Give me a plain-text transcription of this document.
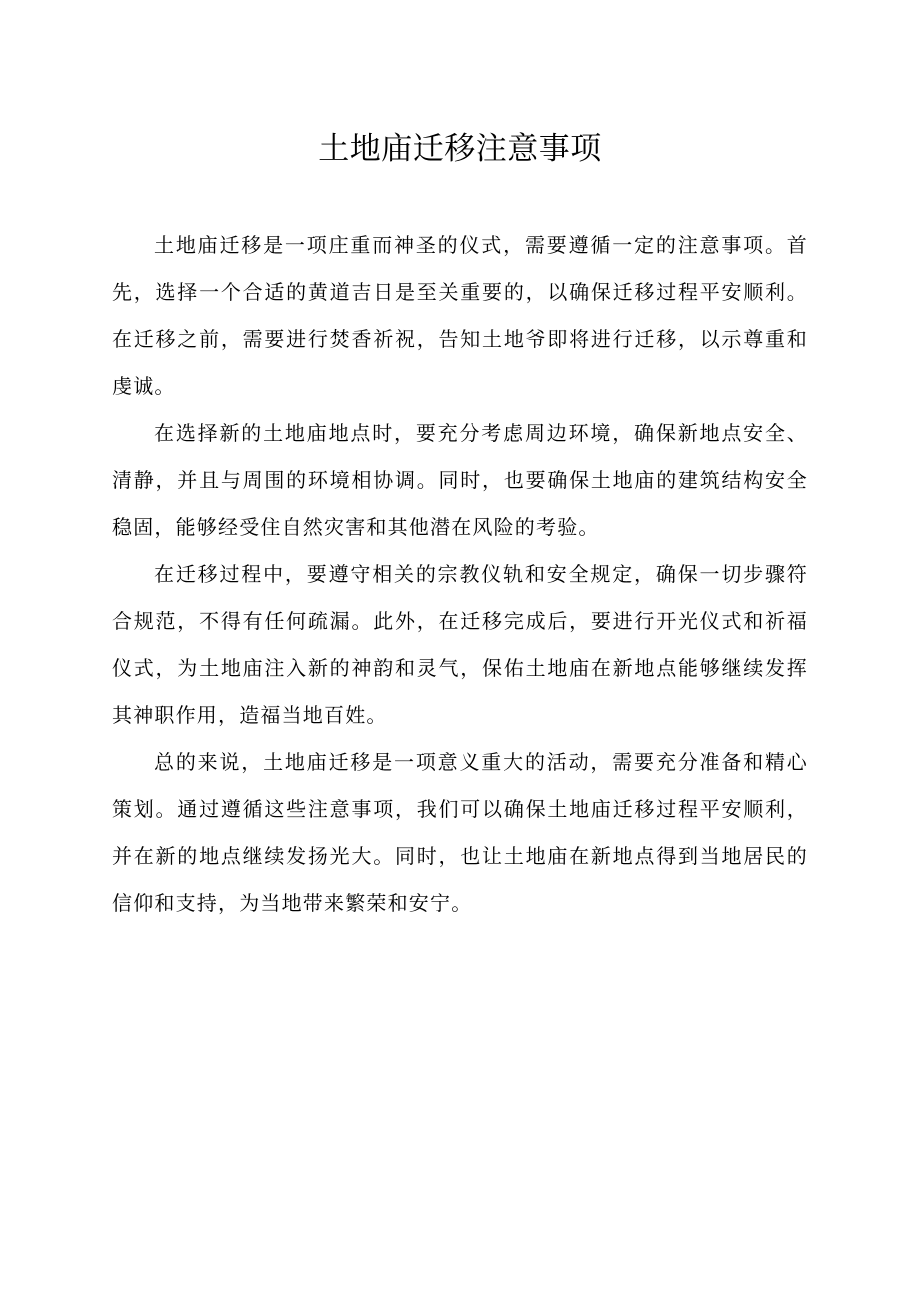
土地庙迁移注意事项

土地庙迁移是一项庄重而神圣的仪式，需要遵循一定的注意事项。首先，选择一个合适的黄道吉日是至关重要的，以确保迁移过程平安顺利。在迁移之前，需要进行焚香祈祝，告知土地爷即将进行迁移，以示尊重和虔诚。

在选择新的土地庙地点时，要充分考虑周边环境，确保新地点安全、清静，并且与周围的环境相协调。同时，也要确保土地庙的建筑结构安全稳固，能够经受住自然灾害和其他潜在风险的考验。

在迁移过程中，要遵守相关的宗教仪轨和安全规定，确保一切步骤符合规范，不得有任何疏漏。此外，在迁移完成后，要进行开光仪式和祈福仪式，为土地庙注入新的神韵和灵气，保佑土地庙在新地点能够继续发挥其神职作用，造福当地百姓。

总的来说，土地庙迁移是一项意义重大的活动，需要充分准备和精心策划。通过遵循这些注意事项，我们可以确保土地庙迁移过程平安顺利，并在新的地点继续发扬光大。同时，也让土地庙在新地点得到当地居民的信仰和支持，为当地带来繁荣和安宁。
